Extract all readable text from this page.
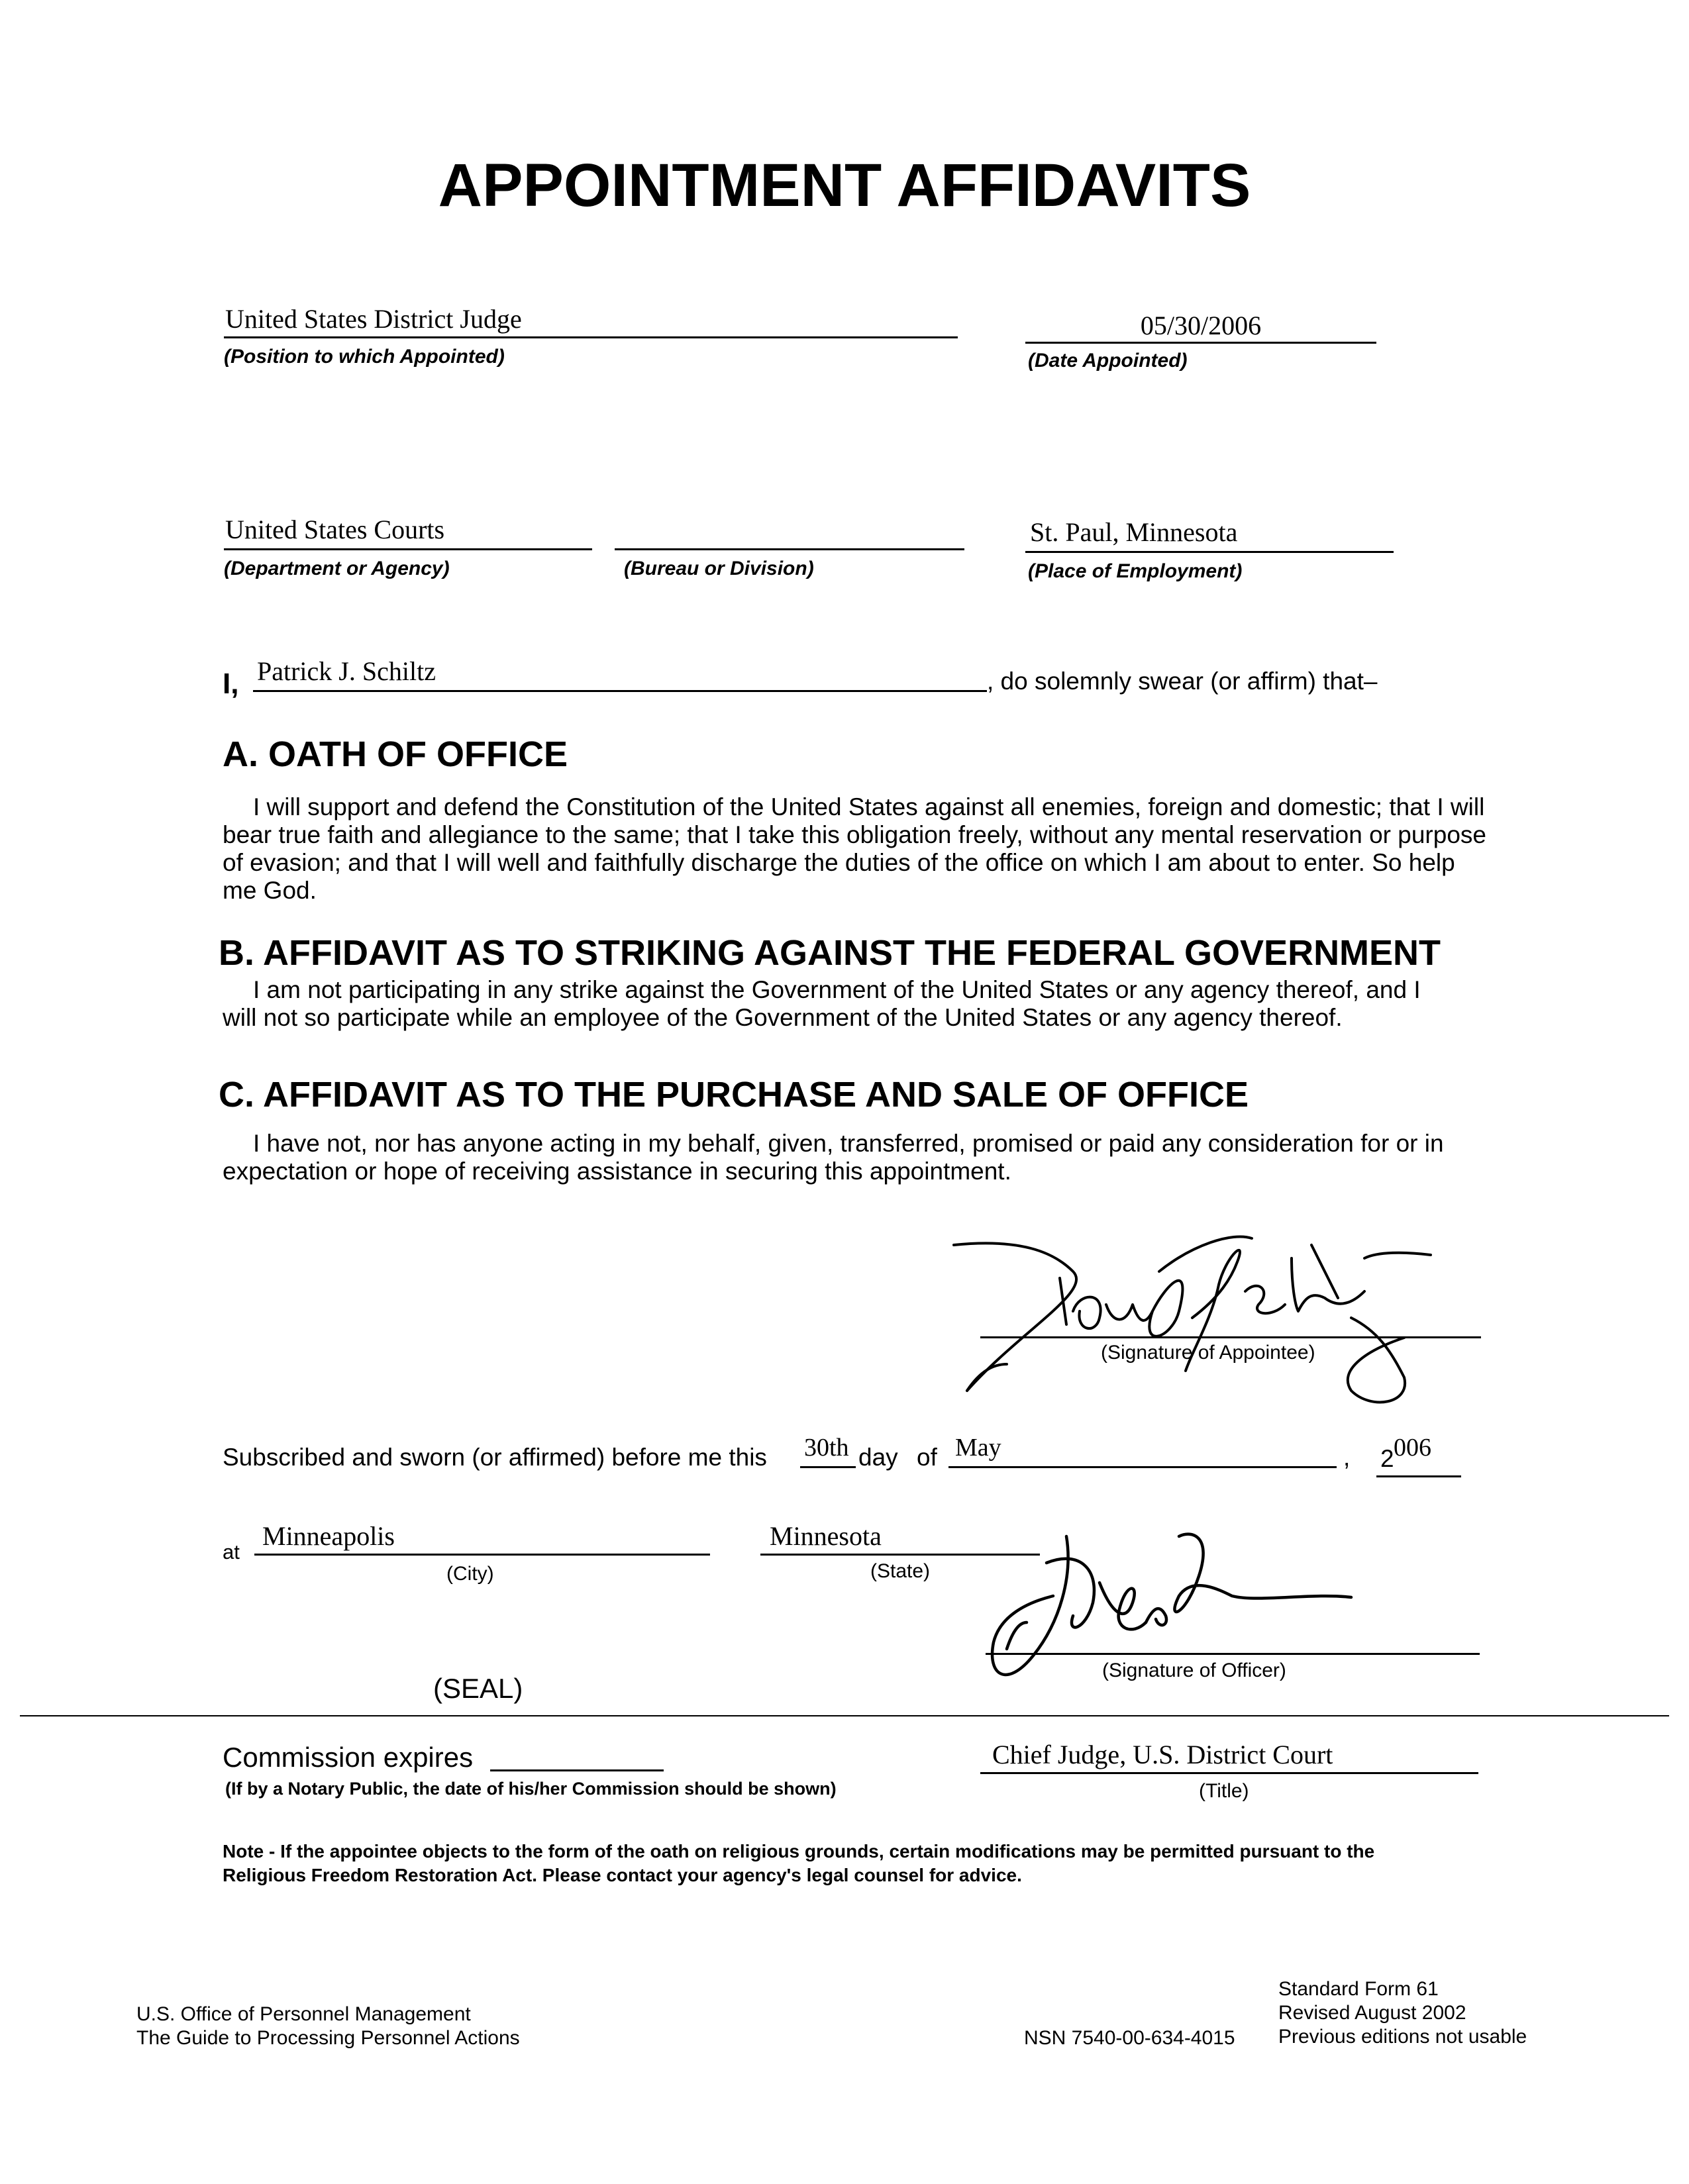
APPOINTMENT AFFIDAVITS
United States District Judge
(Position to which Appointed)
05/30/2006
(Date Appointed)
United States Courts
(Department or Agency)	(Bureau or Division)
St. Paul, Minnesota
(Place of Employment)
I, Patrick J. Schiltz	, do solemnly swear (or affirm) that–
A. OATH OF OFFICE
I will support and defend the Constitution of the United States against all enemies, foreign and domestic; that I will bear true faith and allegiance to the same; that I take this obligation freely, without any mental reservation or purpose of evasion; and that I will well and faithfully discharge the duties of the office on which I am about to enter. So help me God.
B. AFFIDAVIT AS TO STRIKING AGAINST THE FEDERAL GOVERNMENT
I am not participating in any strike against the Government of the United States or any agency thereof, and I will not so participate while an employee of the Government of the United States or any agency thereof.
C. AFFIDAVIT AS TO THE PURCHASE AND SALE OF OFFICE
I have not, nor has anyone acting in my behalf, given, transferred, promised or paid any consideration for or in expectation or hope of receiving assistance in securing this appointment.
(Signature of Appointee)
Subscribed and sworn (or affirmed) before me this 30th day of May	, 2 006
at
Minneapolis
(City)
Minnesota
(State)
(Signature of Officer)
(SEAL)
Commission expires
(If by a Notary Public, the date of his/her Commission should be shown)
Chief Judge, U.S. District Court
(Title)
Note - If the appointee objects to the form of the oath on religious grounds, certain modifications may be permitted pursuant to the
Religious Freedom Restoration Act. Please contact your agency's legal counsel for advice.
U.S. Office of Personnel Management
The Guide to Processing Personnel Actions	NSN 7540-00-634-4015
Standard Form 61
Revised August 2002
Previous editions not usable
